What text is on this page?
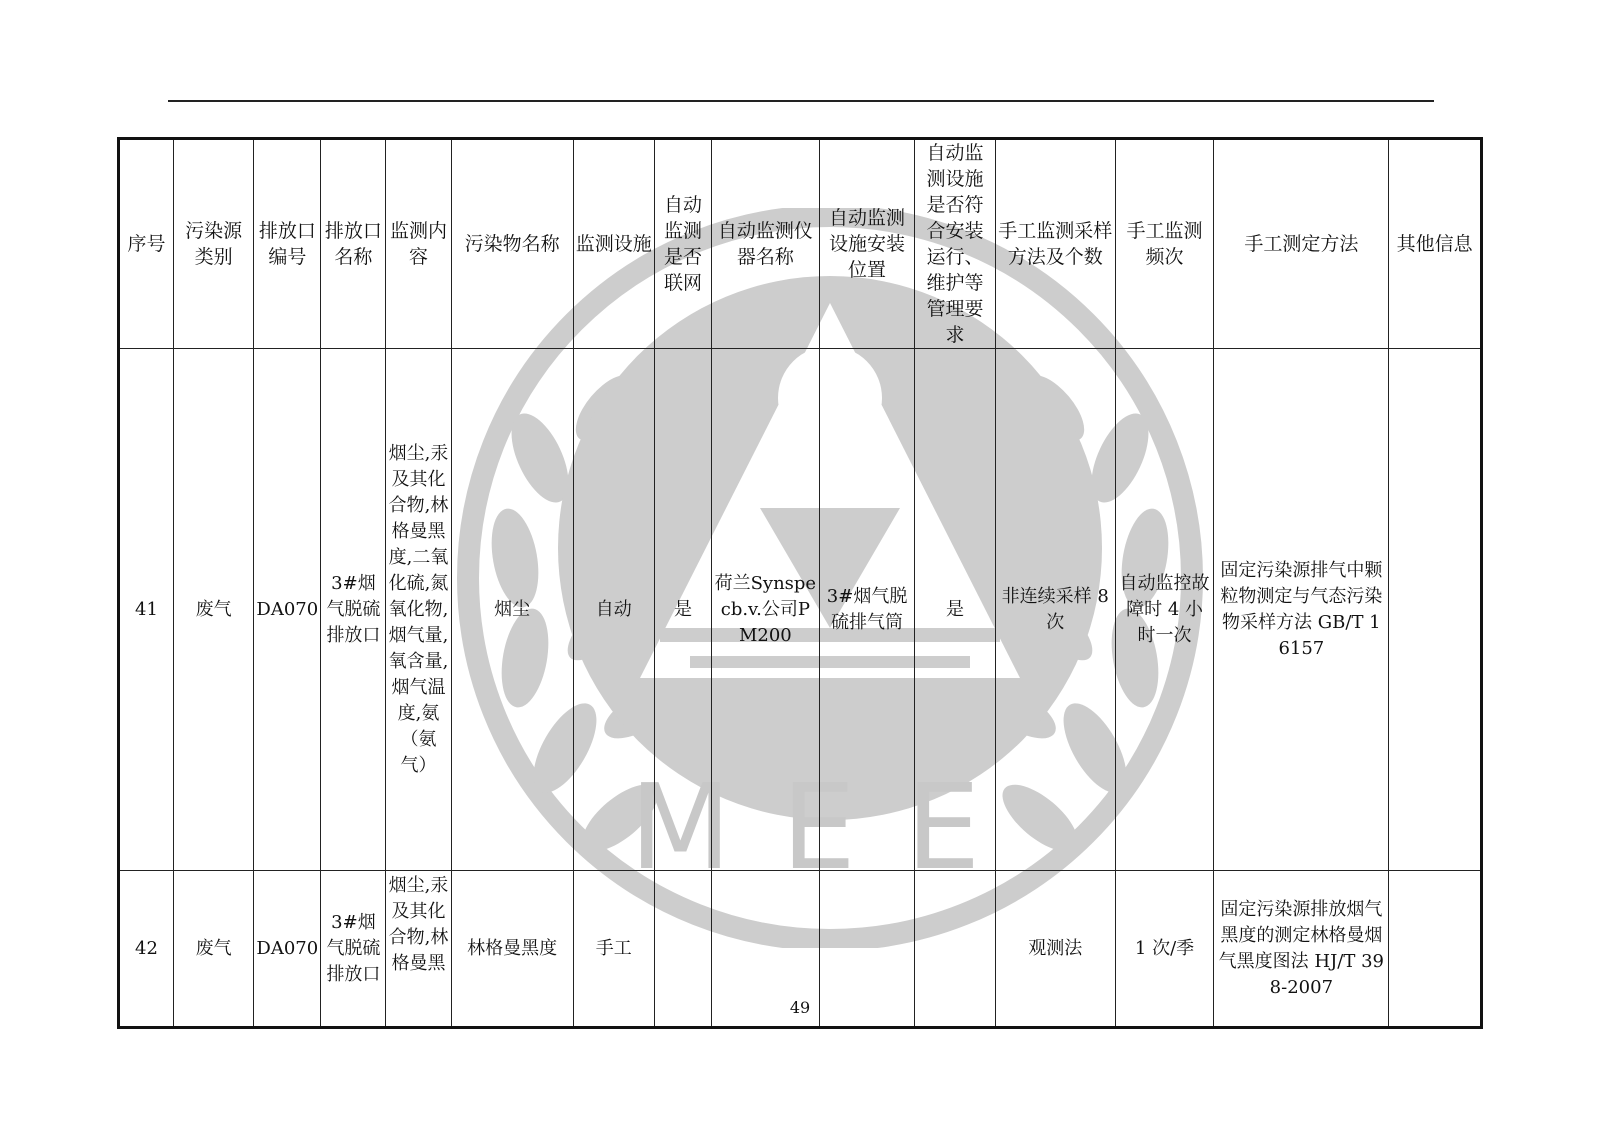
MEE
序号	污染源类别	排放口编号	排放口名称	监测内容	污染物名称	监测设施	自动监测是否联网	自动监测仪器名称	自动监测设施安装位置	自动监测设施是否符合安装运行、维护等管理要求	手工监测采样方法及个数	手工监测频次	手工测定方法	其他信息
41	废气	DA070	3#烟气脱硫排放口	烟尘,汞及其化合物,林格曼黑度,二氧化硫,氮氧化物,烟气量,氧含量,烟气温度,氨（氨气）	烟尘	自动	是	荷兰Synspecb.v.公司PM200	3#烟气脱硫排气筒	是	非连续采样 8 次	自动监控故障时 4 小时一次	固定污染源排气中颗粒物测定与气态污染物采样方法 GB/T 16157	
42	废气	DA070	3#烟气脱硫排放口	烟尘,汞及其化合物,林格曼黑	林格曼黑度	手工					观测法	1 次/季	固定污染源排放烟气黑度的测定林格曼烟气黑度图法 HJ/T 398-2007	
49
